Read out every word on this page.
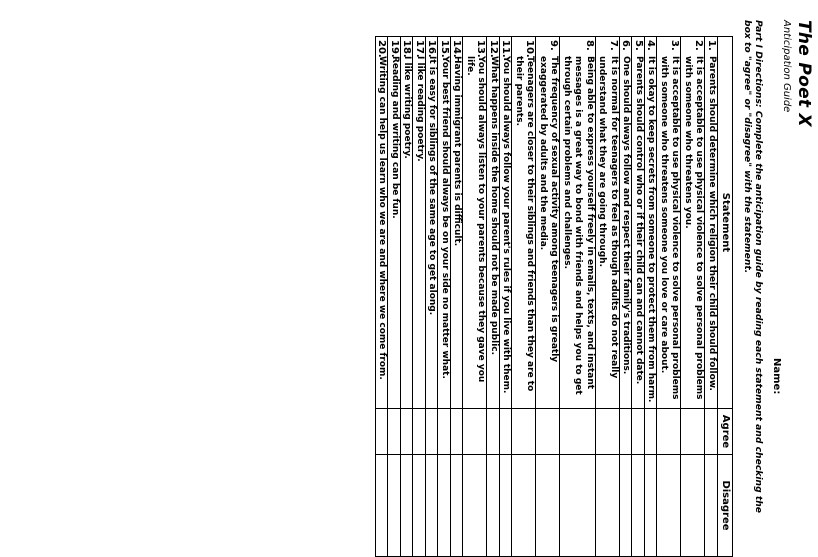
The Poet X
Anticipation Guide
Name:
Part I Directions: Complete the anticipation guide by reading each statement and checking the box to "agree" or "disagree" with the statement.
Statement	Agree	Disagree

1.
Parents should determine which religion their child should follow.		

2.
It is acceptable to use physical violence to solve personal problems with someone who threatens you.		

3.
It is acceptable to use physical violence to solve personal problems with someone who threatens someone you love or care about.		

4.
It is okay to keep secrets from someone to protect them from harm.		

5.
Parents should control who or if their child can and cannot date.		

6.
One should always follow and respect their family's traditions.		

7.
It is normal for teenagers to feel as though adults do not really understand what they are going through.		

8.
Being able to express yourself freely in emails, texts, and instant messages is a great way to bond with friends and helps you to get through certain problems and challenges.		

9.
The frequency of sexual activity among teenagers is greatly exaggerated by adults and the media.		

10.
Teenagers are closer to their siblings and friends than they are to their parents.		

11.
You should always follow your parent's rules if you live with them.		

12.
What happens inside the home should not be made public.		

13.
You should always listen to your parents because they gave you life.		

14.
Having immigrant parents is difficult.		

15.
Your best friend should always be on your side no matter what.		

16.
It is easy for siblings of the same age to get along.		

17.
I like reading poetry.		

18.
I like writing poetry.		

19.
Reading and writing can be fun.		

20.
Writing can help us learn who we are and where we come from.		
